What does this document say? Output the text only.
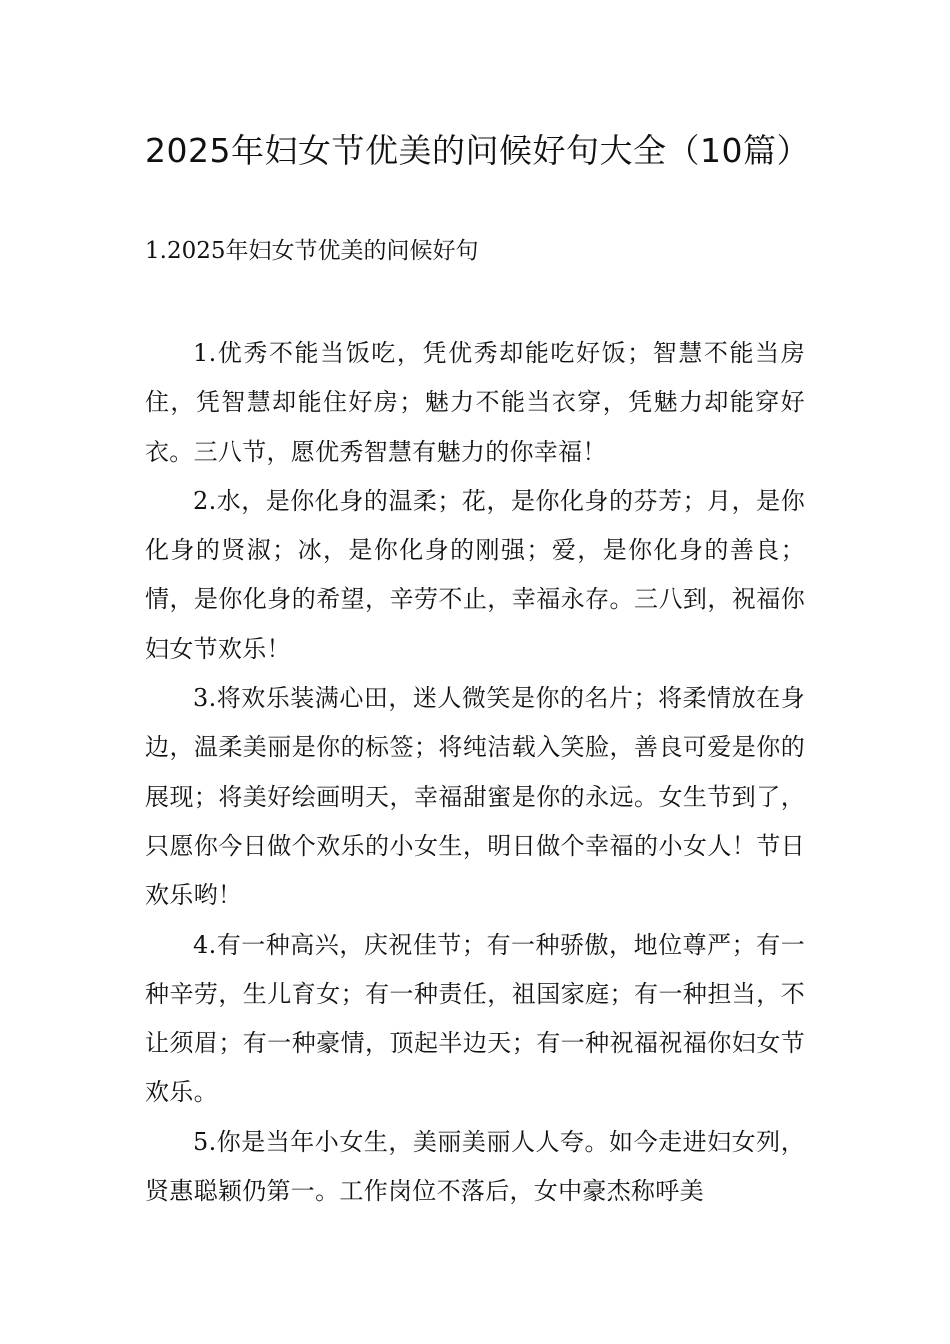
2025年妇女节优美的问候好句大全（10篇）

1.2025年妇女节优美的问候好句

1.优秀不能当饭吃，凭优秀却能吃好饭；智慧不能当房住，凭智慧却能住好房；魅力不能当衣穿，凭魅力却能穿好衣。三八节，愿优秀智慧有魅力的你幸福！

2.水，是你化身的温柔；花，是你化身的芬芳；月，是你化身的贤淑；冰，是你化身的刚强；爱，是你化身的善良；情，是你化身的希望，辛劳不止，幸福永存。三八到，祝福你妇女节欢乐！

3.将欢乐装满心田，迷人微笑是你的名片；将柔情放在身边，温柔美丽是你的标签；将纯洁载入笑脸，善良可爱是你的展现；将美好绘画明天，幸福甜蜜是你的永远。女生节到了，只愿你今日做个欢乐的小女生，明日做个幸福的小女人！节日欢乐哟！

4.有一种高兴，庆祝佳节；有一种骄傲，地位尊严；有一种辛劳，生儿育女；有一种责任，祖国家庭；有一种担当，不让须眉；有一种豪情，顶起半边天；有一种祝福祝福你妇女节欢乐。

5.你是当年小女生，美丽美丽人人夸。如今走进妇女列，贤惠聪颖仍第一。工作岗位不落后，女中豪杰称呼美
